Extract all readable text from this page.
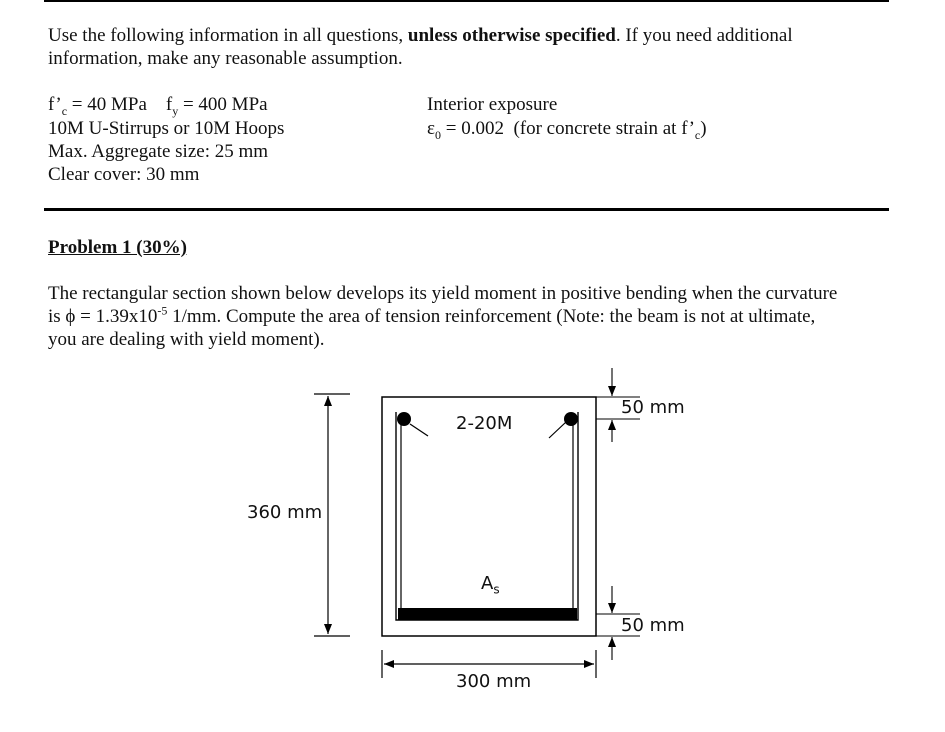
Use the following information in all questions, unless otherwise specified. If you need additional
information, make any reasonable assumption.
$f’_c = 40$ MPa $f_y = 400$ MPa
10M U-Stirrups or 10M Hoops
Max. Aggregate size: 25 mm
Clear cover: 30 mm
Interior exposure
$\varepsilon_0 = 0.002$  (for concrete strain at $f’_c$)
Problem 1 (30%)
The rectangular section shown below develops its yield moment in positive bending when the curvature
is $\phi = 1.39x10^{-5}$ 1/mm. Compute the area of tension reinforcement (Note: the beam is not at ultimate,
you are dealing with yield moment).
2-20M
$A_s$
360 mm
300 mm
50 mm
50 mm
